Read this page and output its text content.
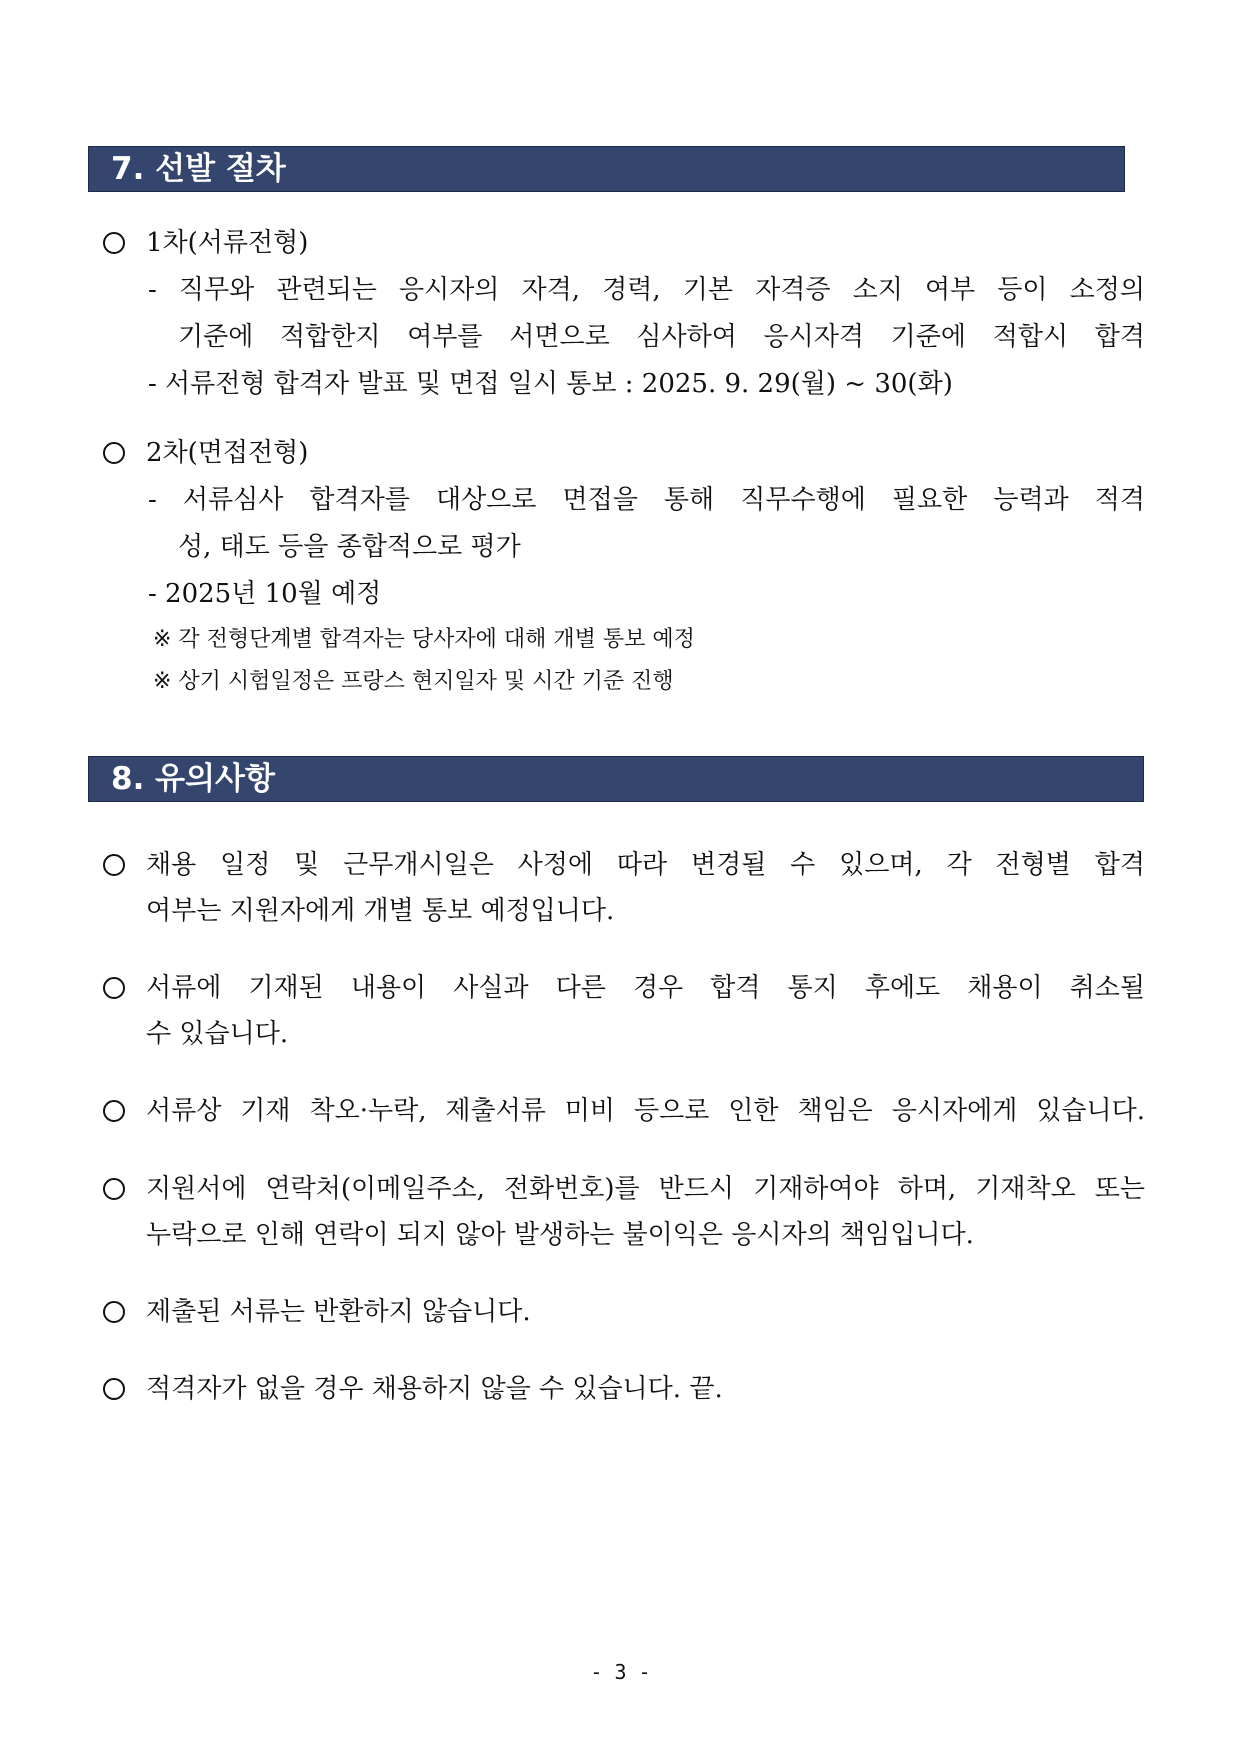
7. 선발 절차
1차(서류전형)
- 직무와 관련되는 응시자의 자격, 경력, 기본 자격증 소지 여부 등이 소정의
기준에 적합한지 여부를 서면으로 심사하여 응시자격 기준에 적합시 합격
- 서류전형 합격자 발표 및 면접 일시 통보 : 2025. 9. 29(월) ~ 30(화)
2차(면접전형)
- 서류심사 합격자를 대상으로 면접을 통해 직무수행에 필요한 능력과 적격
성, 태도 등을 종합적으로 평가
- 2025년 10월 예정
※ 각 전형단계별 합격자는 당사자에 대해 개별 통보 예정
※ 상기 시험일정은 프랑스 현지일자 및 시간 기준 진행
8. 유의사항
채용 일정 및 근무개시일은 사정에 따라 변경될 수 있으며, 각 전형별 합격
여부는 지원자에게 개별 통보 예정입니다.
서류에 기재된 내용이 사실과 다른 경우 합격 통지 후에도 채용이 취소될
수 있습니다.
서류상 기재 착오·누락, 제출서류 미비 등으로 인한 책임은 응시자에게 있습니다.
지원서에 연락처(이메일주소, 전화번호)를 반드시 기재하여야 하며, 기재착오 또는
누락으로 인해 연락이 되지 않아 발생하는 불이익은 응시자의 책임입니다.
제출된 서류는 반환하지 않습니다.
적격자가 없을 경우 채용하지 않을 수 있습니다. 끝.
- 3 -
